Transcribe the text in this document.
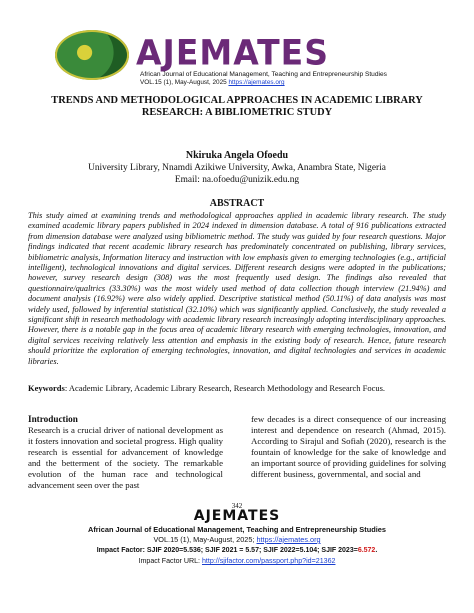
AJEMATES
African Journal of Educational Management, Teaching and Entrepreneurship Studies
VOL.15 (1), May-August, 2025 https://ajemates.org
TRENDS AND METHODOLOGICAL APPROACHES IN ACADEMIC LIBRARY
RESEARCH: A BIBLIOMETRIC STUDY
Nkiruka Angela Ofoedu
University Library, Nnamdi Azikiwe University, Awka, Anambra State, Nigeria
Email: na.ofoedu@unizik.edu.ng
ABSTRACT
This study aimed at examining trends and methodological approaches applied in academic library research. The study examined academic library papers published in 2024 indexed in dimension database. A total of 916 publications extracted from dimension database were analyzed using bibliometric method. The study was guided by four research questions. Major findings indicated that recent academic library research has predominately concentrated on publishing, library services, bibliometric analysis, Information literacy and instruction with low emphasis given to emerging technologies (e.g., artificial intelligent), technological innovations and digital services. Different research designs were adopted in the publications; however, survey research design (308) was the most frequently used design. The findings also revealed that questionnaire/qualtrics (33.30%) was the most widely used method of data collection though interview (21.94%) and document analysis (16.92%) were also widely applied. Descriptive statistical method (50.11%) of data analysis was most widely used, followed by inferential statistical (32.10%) which was significantly applied. Conclusively, the study revealed a significant shift in research methodology with academic library research increasingly adopting interdisciplinary approaches. However, there is a notable gap in the focus area of academic library research with emerging technologies, innovation, and digital services receiving relatively less attention and emphasis in the existing body of research. Hence, future research should prioritize the exploration of emerging technologies, innovation, and digital technologies and services in academic libraries.
Keywords: Academic Library, Academic Library Research, Research Methodology and Research Focus.
Introduction

Research is a crucial driver of national development as it fosters innovation and societal progress. High quality research is essential for advancement of knowledge and the betterment of the society. The remarkable evolution of the human race and technological advancement seen over the past

few decades is a direct consequence of our increasing interest and dependence on research (Ahmad, 2015). According to Sirajul and Sofiah (2020), research is the fountain of knowledge for the sake of knowledge and an important source of providing guidelines for solving different business, governmental, and social and

342
AJEMATES
African Journal of Educational Management, Teaching and Entrepreneurship Studies
VOL.15 (1), May-August, 2025; https://ajemates.org
Impact Factor: SJIF 2020=5.536; SJIF 2021 = 5.57; SJIF 2022=5.104; SJIF 2023=6.572.
Impact Factor URL: http://sjifactor.com/passport.php?id=21362
